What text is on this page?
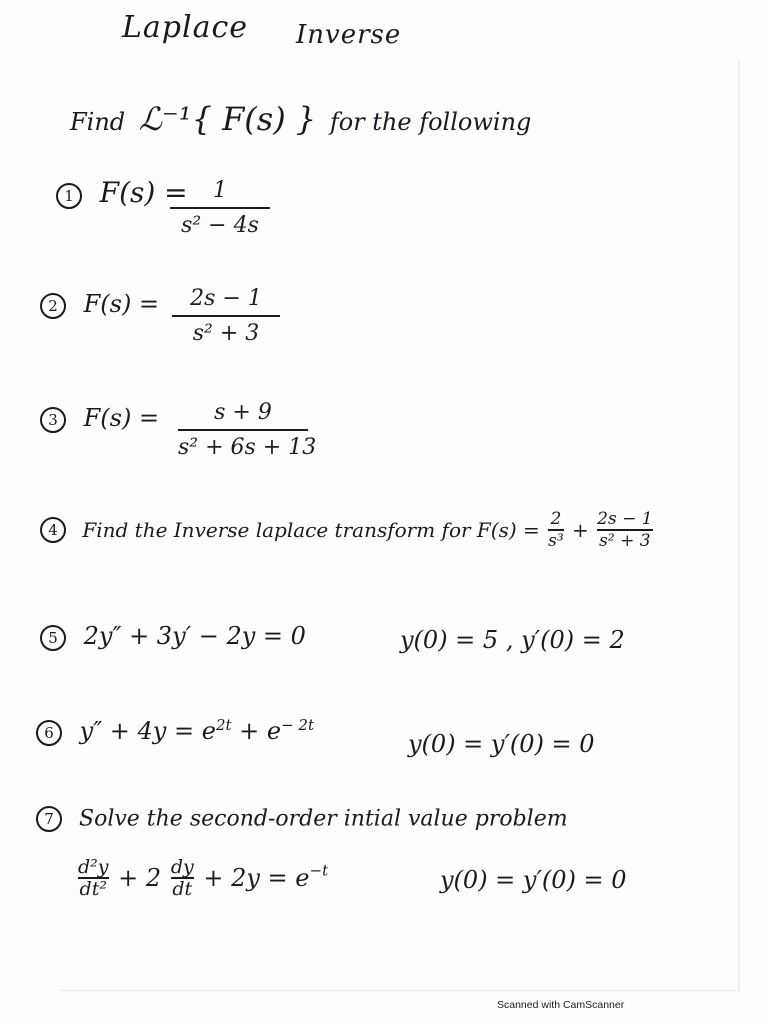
Laplace Inverse
Find ℒ⁻¹{ F(s) } for the following
1 F(s) =	1
s² − 4s
2 F(s) =	2s − 1
s² + 3
3 F(s) =	s + 9
s² + 6s + 13
4 Find the Inverse laplace transform for $F(s) = \frac{2}{\text{s³}} + \frac{2s - 1}{\text{s² + 3}}$
5 2y″ + 3y′ − 2y = 0	y(0) = 5 , y′(0) = 2
6 $y'' + 4y = e^{2t} + e^{- 2t}$
y(0) = y′(0) = 0
7 Solve the second-order intial value problem
$\frac{\text{d²y}}{\text{dt²}} + 2 \frac{dy}{dt} + 2y = e^{-t}$	y(0) = y′(0) = 0
Scanned with CamScanner
